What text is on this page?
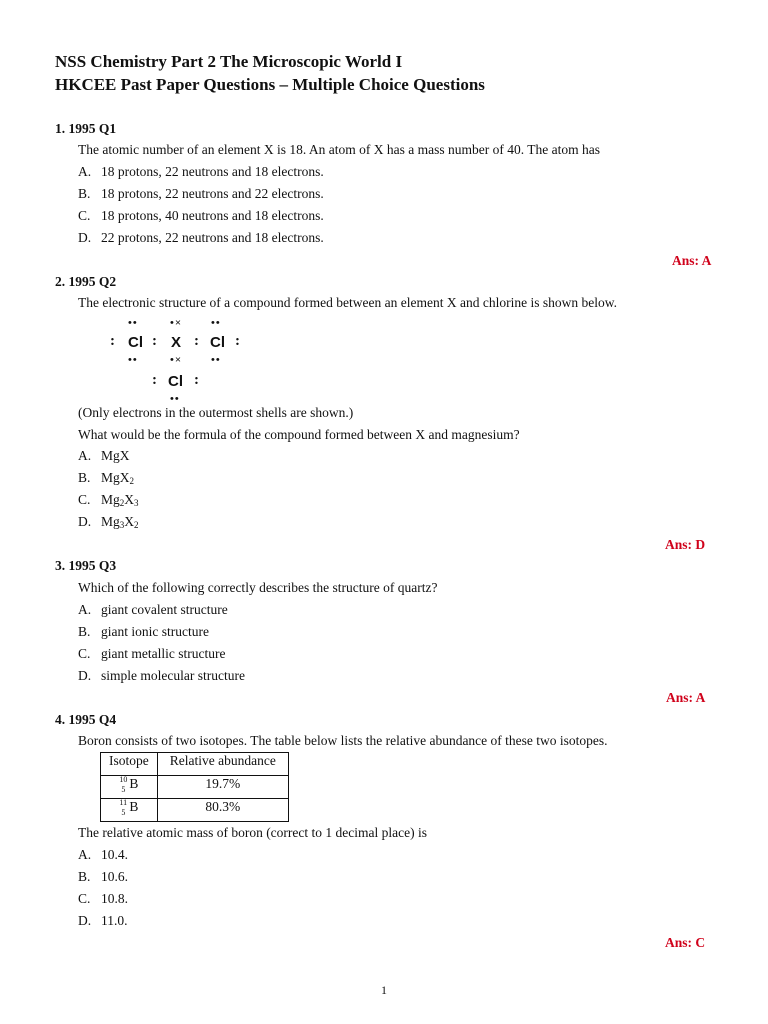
NSS Chemistry Part 2 The Microscopic World I
HKCEE Past Paper Questions – Multiple Choice Questions
1. 1995 Q1
The atomic number of an element X is 18. An atom of X has a mass number of 40. The atom has
A. 18 protons, 22 neutrons and 18 electrons.
B. 18 protons, 22 neutrons and 22 electrons.
C. 18 protons, 40 neutrons and 18 electrons.
D. 22 protons, 22 neutrons and 18 electrons.
Ans: A
2. 1995 Q2
The electronic structure of a compound formed between an element X and chlorine is shown below.
••	•×	••
: Cl : X : Cl :
••	•×	••
: Cl :
••
(Only electrons in the outermost shells are shown.)
What would be the formula of the compound formed between X and magnesium?
A. MgX
B. MgX$_2$
C. $Mg_2X_3$
D. $Mg_3X_2$
Ans: D
3. 1995 Q3
Which of the following correctly describes the structure of quartz?
A. giant covalent structure
B. giant ionic structure
C. giant metallic structure
D. simple molecular structure
Ans: A
4. 1995 Q4
Boron consists of two isotopes. The table below lists the relative abundance of these two isotopes.
Isotope	Relative abundance

10
5 B	19.7%

11
5 B	80.3%
The relative atomic mass of boron (correct to 1 decimal place) is
A. 10.4.
B. 10.6.
C. 10.8.
D. 11.0.
Ans: C
1
